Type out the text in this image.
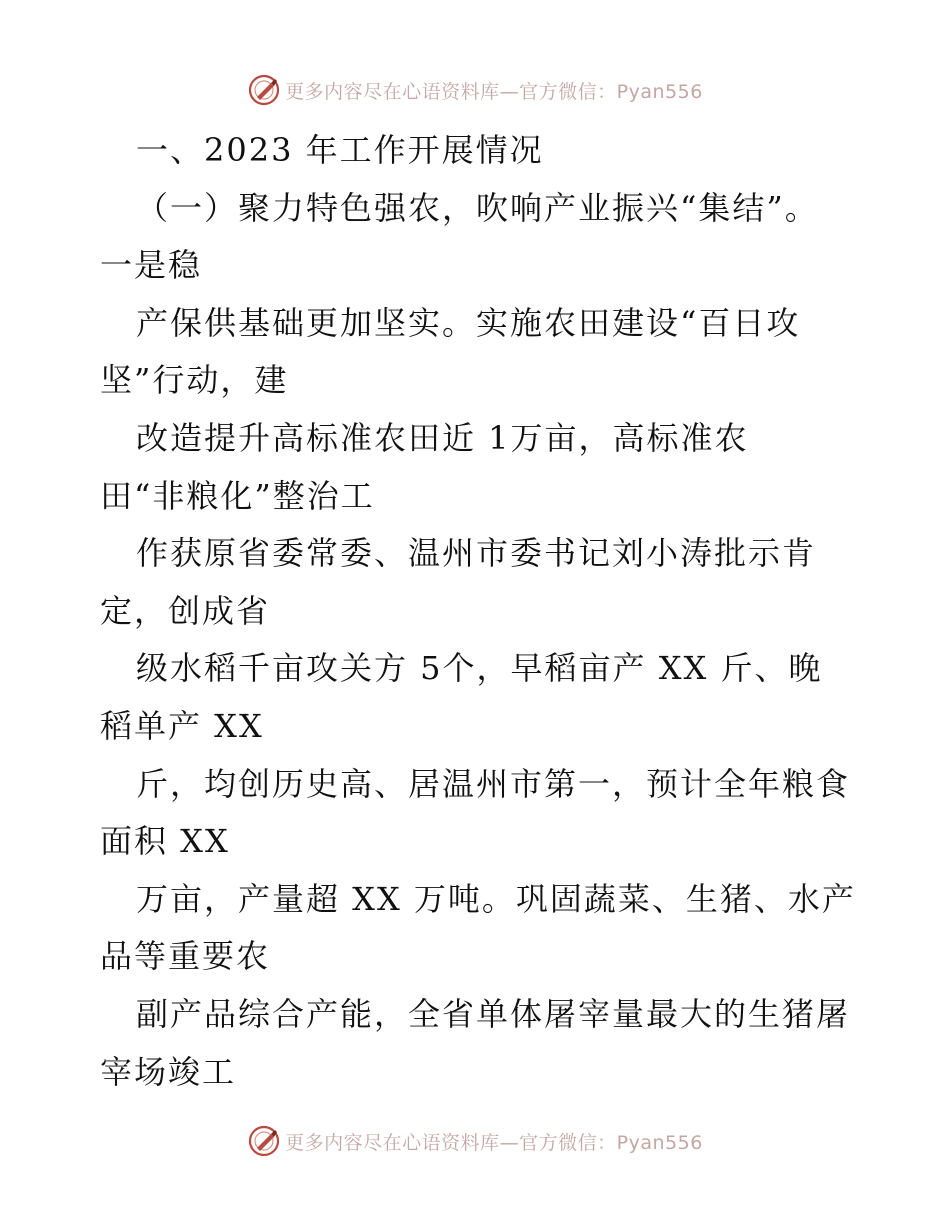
更多内容尽在心语资料库—官方微信：Pyan556
一、2023 年工作开展情况
（一）聚力特色强农，吹响产业振兴“集结”。
一是稳
产保供基础更加坚实。实施农田建设“百日攻
坚”行动，建
改造提升高标准农田近 1万亩，高标准农
田“非粮化”整治工
作获原省委常委、温州市委书记刘小涛批示肯
定，创成省
级水稻千亩攻关方 5个，早稻亩产 XX 斤、晚
稻单产 XX
斤，均创历史高、居温州市第一，预计全年粮食
面积 XX
万亩，产量超 XX 万吨。巩固蔬菜、生猪、水产
品等重要农
副产品综合产能，全省单体屠宰量最大的生猪屠
宰场竣工
更多内容尽在心语资料库—官方微信：Pyan556
